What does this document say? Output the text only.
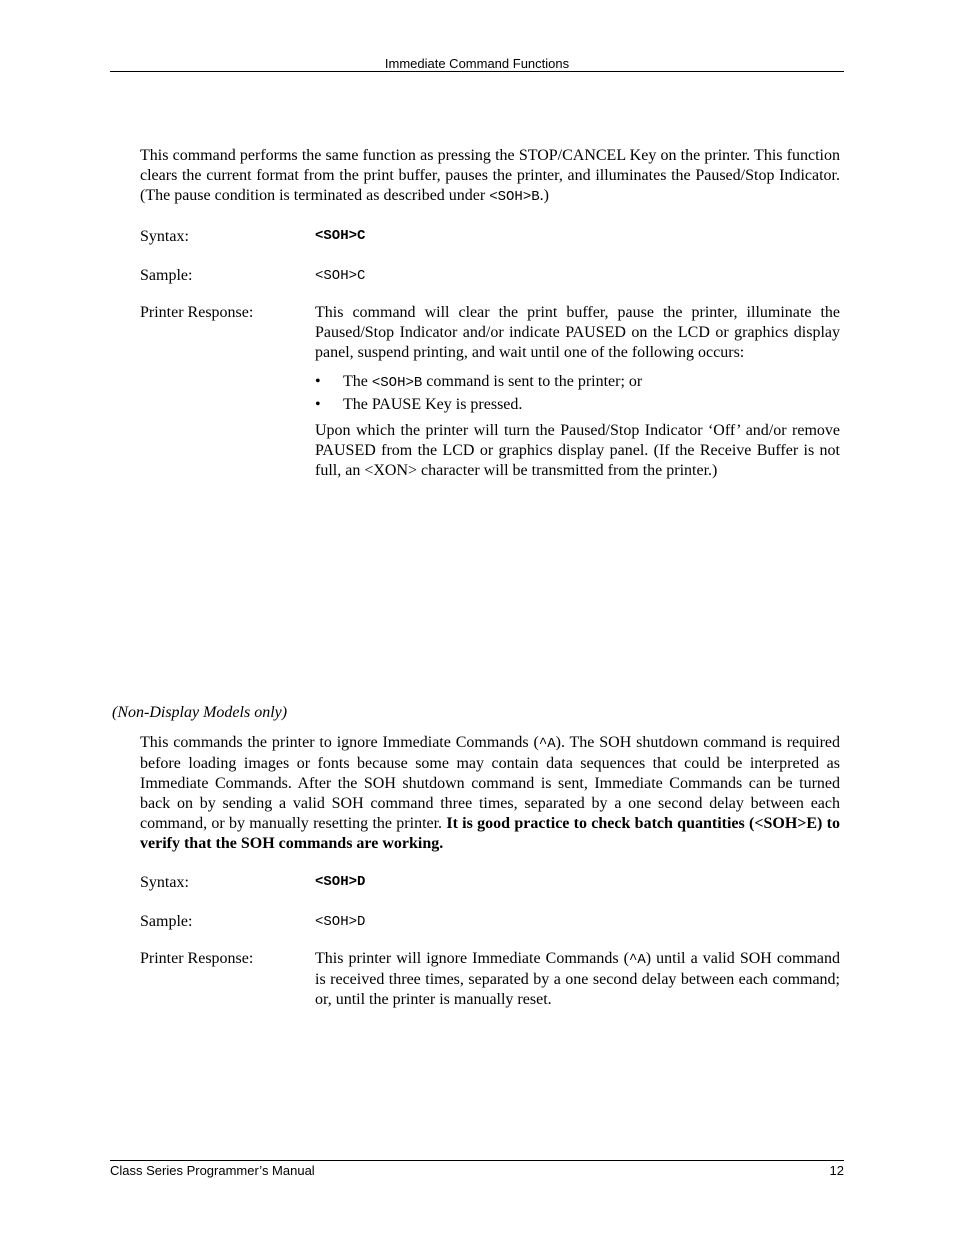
Immediate Command Functions
This command performs the same function as pressing the STOP/CANCEL Key on the printer. This function clears the current format from the print buffer, pauses the printer, and illuminates the Paused/Stop Indicator. (The pause condition is terminated as described under <SOH>B.)
Syntax:	<SOH>C
Sample:	<SOH>C
Printer Response:	This command will clear the print buffer, pause the printer, illuminate the Paused/Stop Indicator and/or indicate PAUSED on the LCD or graphics display panel, suspend printing, and wait until one of the following occurs:
• The <SOH>B command is sent to the printer; or
• The PAUSE Key is pressed.
Upon which the printer will turn the Paused/Stop Indicator ‘Off’ and/or remove PAUSED from the LCD or graphics display panel. (If the Receive Buffer is not full, an <XON> character will be transmitted from the printer.)
(Non-Display Models only)
This commands the printer to ignore Immediate Commands (^A). The SOH shutdown command is required before loading images or fonts because some may contain data sequences that could be interpreted as Immediate Commands. After the SOH shutdown command is sent, Immediate Commands can be turned back on by sending a valid SOH command three times, separated by a one second delay between each command, or by manually resetting the printer. It is good practice to check batch quantities (<SOH>E) to verify that the SOH commands are working.
Syntax:	<SOH>D
Sample:	<SOH>D
Printer Response:	This printer will ignore Immediate Commands (^A) until a valid SOH command is received three times, separated by a one second delay between each command; or, until the printer is manually reset.
Class Series Programmer’s Manual	12
